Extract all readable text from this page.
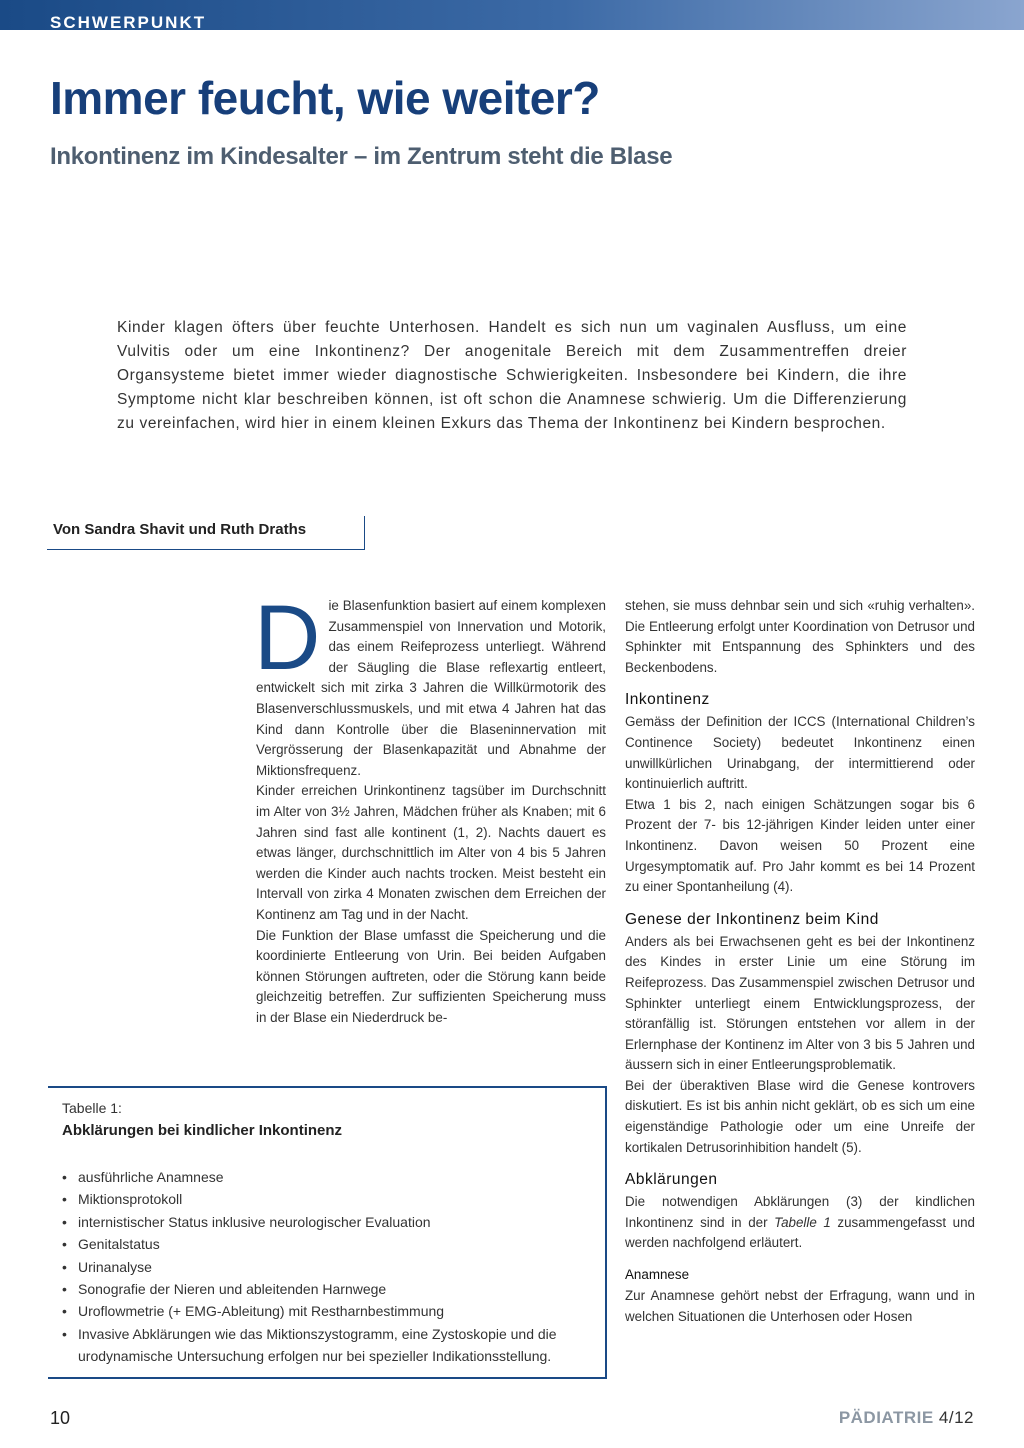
SCHWERPUNKT
Immer feucht, wie weiter?
Inkontinenz im Kindesalter – im Zentrum steht die Blase

Kinder klagen öfters über feuchte Unterhosen. Handelt es sich nun um vaginalen Ausfluss, um eine Vulvitis oder um eine Inkontinenz? Der anogenitale Bereich mit dem Zusammentreffen dreier Organsysteme bietet immer wieder diagnostische Schwierigkeiten. Insbesondere bei Kindern, die ihre Symptome nicht klar beschreiben können, ist oft schon die Anamnese schwierig. Um die Differenzierung zu vereinfachen, wird hier in einem kleinen Exkurs das Thema der Inkontinenz bei Kindern besprochen.

Von Sandra Shavit und Ruth Draths
D ie Blasenfunktion basiert auf einem komplexen Zusammenspiel von Innervation und Motorik, das einem Reifeprozess unterliegt. Während der Säugling die Blase reflexartig entleert, entwickelt sich mit zirka 3 Jahren die Willkürmotorik des Blasenverschlussmuskels, und mit etwa 4 Jahren hat das Kind dann Kontrolle über die Blaseninnervation mit Vergrösserung der Blasenkapazität und Abnahme der Miktionsfrequenz.

Kinder erreichen Urinkontinenz tagsüber im Durchschnitt im Alter von 3½ Jahren, Mädchen früher als Knaben; mit 6 Jahren sind fast alle kontinent (1, 2). Nachts dauert es etwas länger, durchschnittlich im Alter von 4 bis 5 Jahren werden die Kinder auch nachts trocken. Meist besteht ein Intervall von zirka 4 Monaten zwischen dem Erreichen der Kontinenz am Tag und in der Nacht.

Die Funktion der Blase umfasst die Speicherung und die koordinierte Entleerung von Urin. Bei beiden Aufgaben können Störungen auftreten, oder die Störung kann beide gleichzeitig betreffen. Zur suffizienten Speicherung muss in der Blase ein Niederdruck be-

stehen, sie muss dehnbar sein und sich «ruhig verhalten». Die Entleerung erfolgt unter Koordination von Detrusor und Sphinkter mit Entspannung des Sphinkters und des Beckenbodens.

Inkontinenz

Gemäss der Definition der ICCS (International Children’s Continence Society) bedeutet Inkontinenz einen unwillkürlichen Urinabgang, der intermittierend oder kontinuierlich auftritt.

Etwa 1 bis 2, nach einigen Schätzungen sogar bis 6 Prozent der 7- bis 12-jährigen Kinder leiden unter einer Inkontinenz. Davon weisen 50 Prozent eine Urgesymptomatik auf. Pro Jahr kommt es bei 14 Prozent zu einer Spontanheilung (4).

Genese der Inkontinenz beim Kind

Anders als bei Erwachsenen geht es bei der Inkontinenz des Kindes in erster Linie um eine Störung im Reifeprozess. Das Zusammenspiel zwischen Detrusor und Sphinkter unterliegt einem Entwicklungsprozess, der störanfällig ist. Störungen entstehen vor allem in der Erlernphase der Kontinenz im Alter von 3 bis 5 Jahren und äussern sich in einer Entleerungsproblematik.

Bei der überaktiven Blase wird die Genese kontrovers diskutiert. Es ist bis anhin nicht geklärt, ob es sich um eine eigenständige Pathologie oder um eine Unreife der kortikalen Detrusorinhibition handelt (5).

Abklärungen

Die notwendigen Abklärungen (3) der kindlichen Inkontinenz sind in der Tabelle 1 zusammengefasst und werden nachfolgend erläutert.

Anamnese

Zur Anamnese gehört nebst der Erfragung, wann und in welchen Situationen die Unterhosen oder Hosen

Tabelle 1:
Abklärungen bei kindlicher Inkontinenz
• ausführliche Anamnese
• Miktionsprotokoll
• internistischer Status inklusive neurologischer Evaluation
• Genitalstatus
• Urinanalyse
• Sonografie der Nieren und ableitenden Harnwege
• Uroflowmetrie (+ EMG-Ableitung) mit Restharnbestimmung
• Invasive Abklärungen wie das Miktionszystogramm, eine Zystoskopie und die urodynamische Untersuchung erfolgen nur bei spezieller Indikationsstellung.
10	PÄDIATRIE 4/12
